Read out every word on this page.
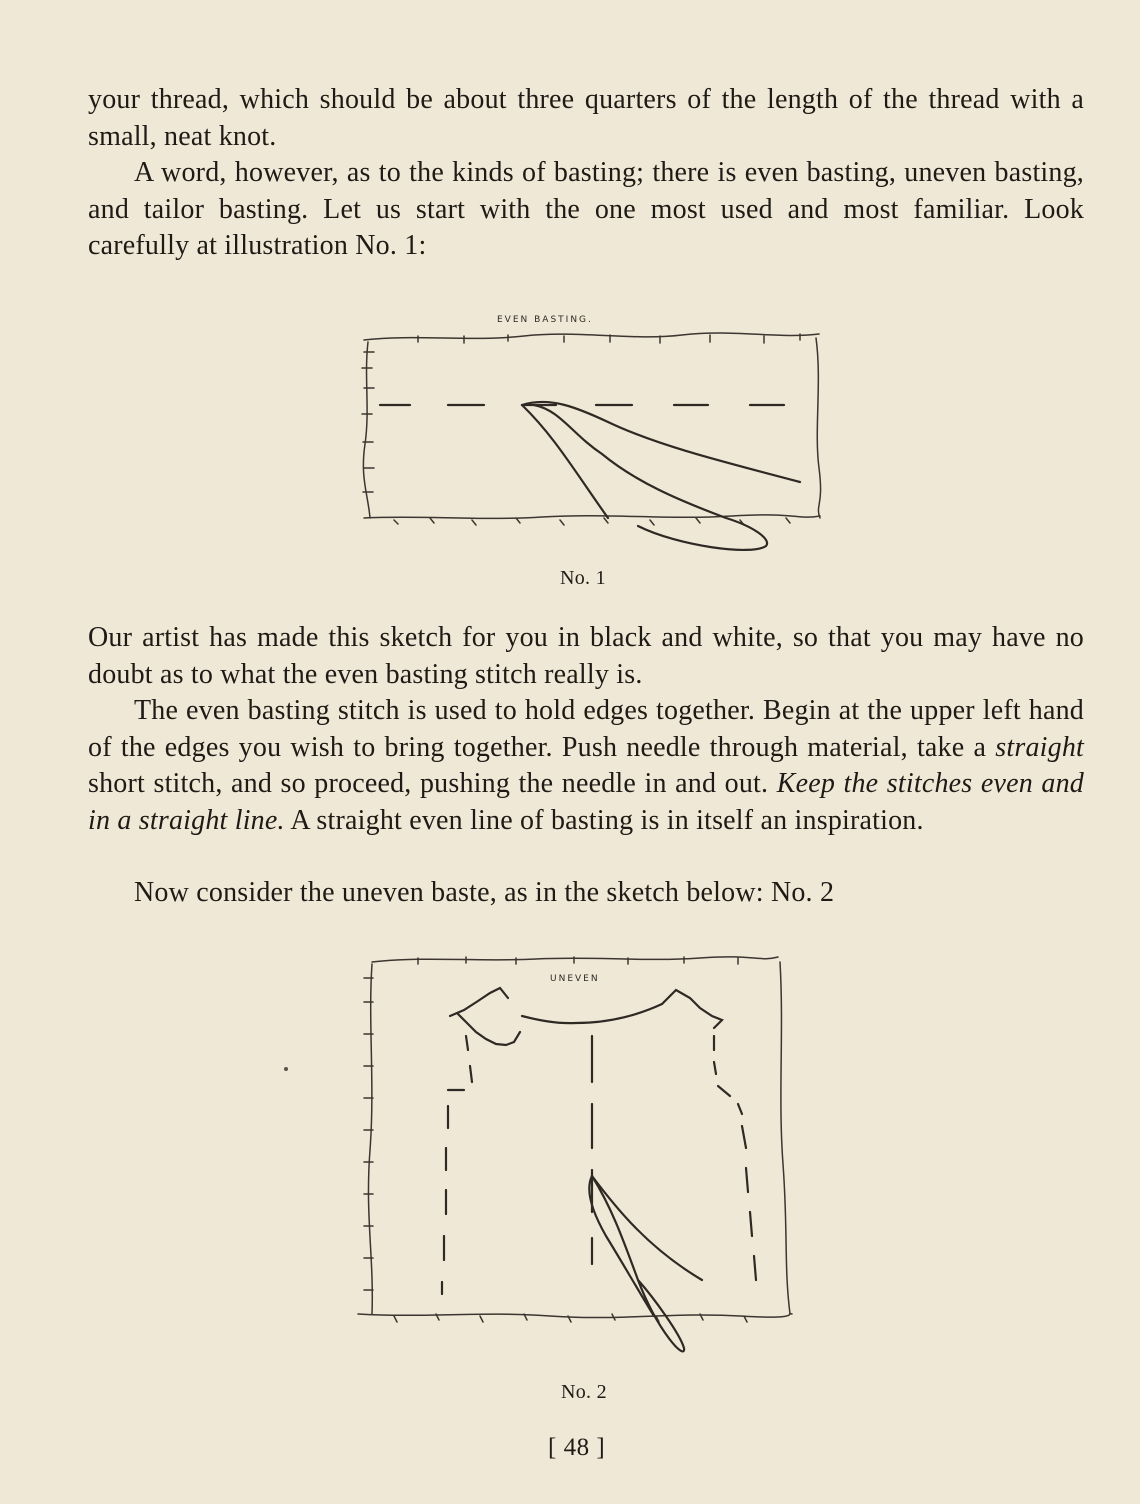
your thread, which should be about three quarters of the length of the thread with a small, neat knot.

A word, however, as to the kinds of basting; there is even basting, uneven basting, and tailor basting. Let us start with the one most used and most familiar. Look carefully at illustration No. 1:

EVEN BASTING.
No. 1

Our artist has made this sketch for you in black and white, so that you may have no doubt as to what the even basting stitch really is.

The even basting stitch is used to hold edges together. Begin at the upper left hand of the edges you wish to bring together. Push needle through material, take a straight short stitch, and so proceed, pushing the needle in and out. Keep the stitches even and in a straight line. A straight even line of basting is in itself an inspiration.

Now consider the uneven baste, as in the sketch below: No. 2

UNEVEN
No. 2
[ 48 ]
